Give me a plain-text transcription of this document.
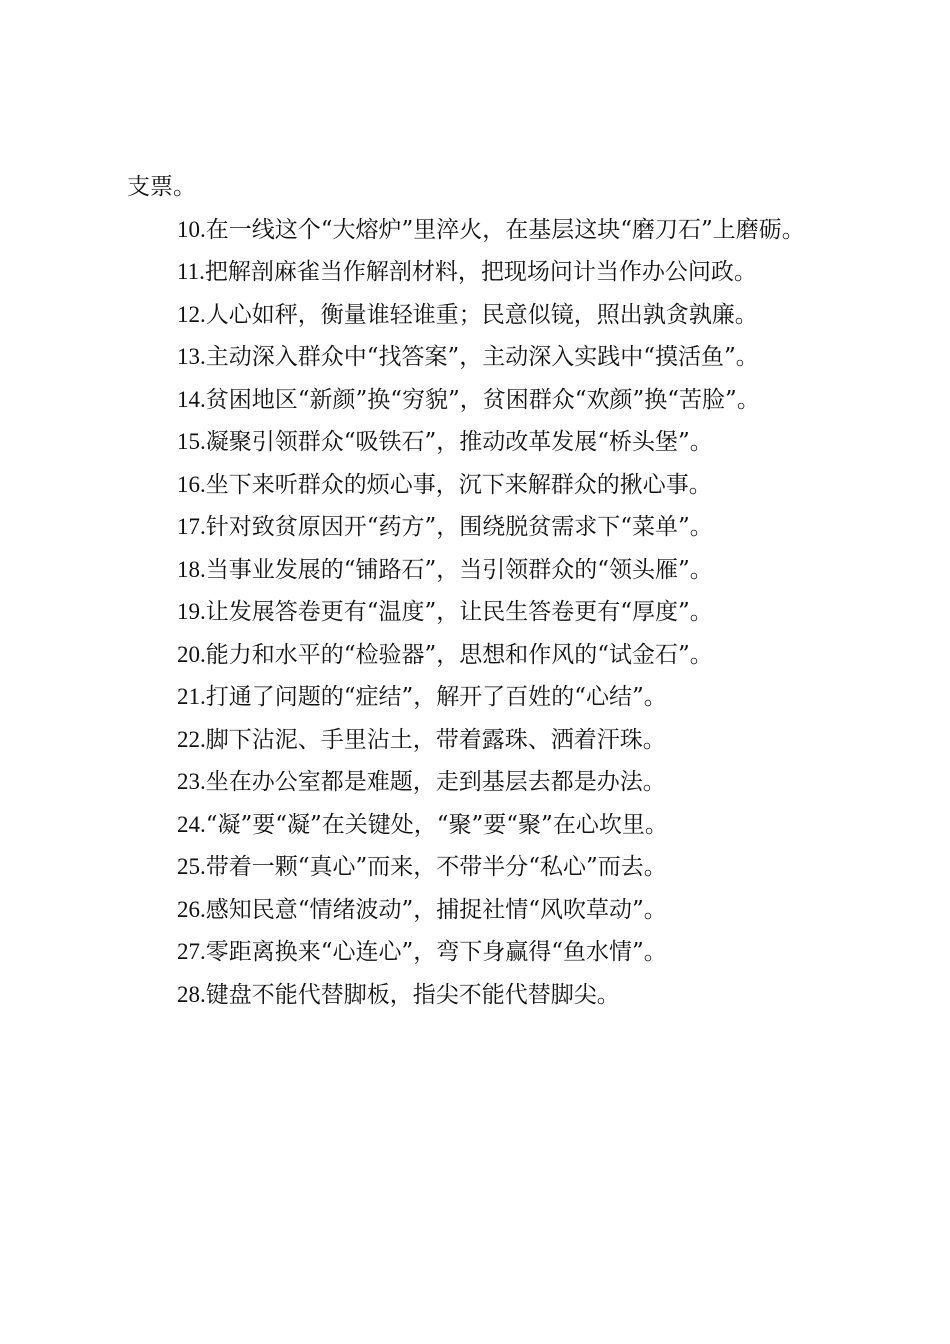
支票。

10.在一线这个“大熔炉”里淬火，在基层这块“磨刀石”上磨砺。

11.把解剖麻雀当作解剖材料，把现场问计当作办公问政。

12.人心如秤，衡量谁轻谁重；民意似镜，照出孰贪孰廉。

13.主动深入群众中“找答案”，主动深入实践中“摸活鱼”。

14.贫困地区“新颜”换“穷貌”，贫困群众“欢颜”换“苦脸”。

15.凝聚引领群众“吸铁石”，推动改革发展“桥头堡”。

16.坐下来听群众的烦心事，沉下来解群众的揪心事。

17.针对致贫原因开“药方”，围绕脱贫需求下“菜单”。

18.当事业发展的“铺路石”，当引领群众的“领头雁”。

19.让发展答卷更有“温度”，让民生答卷更有“厚度”。

20.能力和水平的“检验器”，思想和作风的“试金石”。

21.打通了问题的“症结”，解开了百姓的“心结”。

22.脚下沾泥、手里沾土，带着露珠、洒着汗珠。

23.坐在办公室都是难题，走到基层去都是办法。

24.“凝”要“凝”在关键处，“聚”要“聚”在心坎里。

25.带着一颗“真心”而来，不带半分“私心”而去。

26.感知民意“情绪波动”，捕捉社情“风吹草动”。

27.零距离换来“心连心”，弯下身赢得“鱼水情”。

28.键盘不能代替脚板，指尖不能代替脚尖。
